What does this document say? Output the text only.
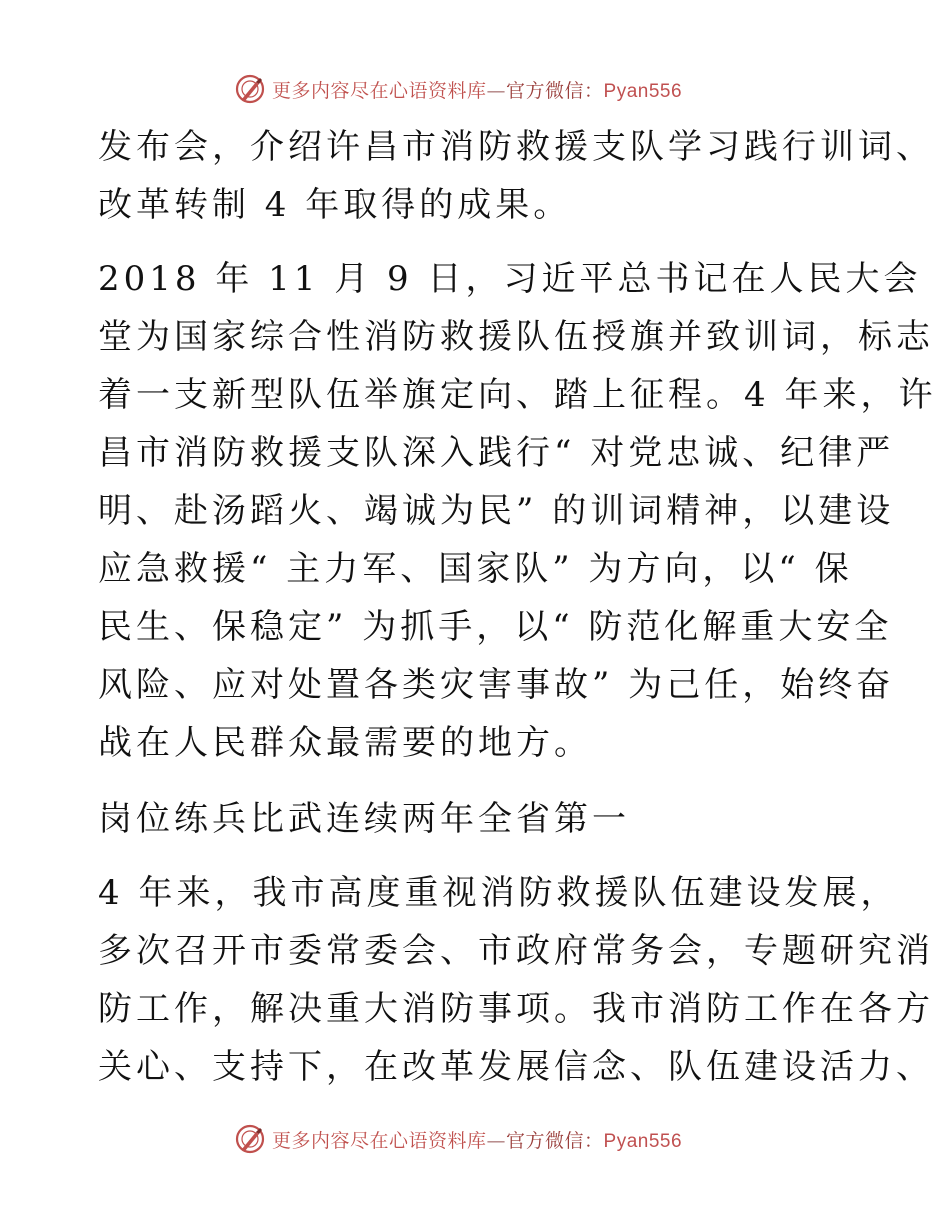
更多内容尽在心语资料库—官方微信：Pyan556
发布会，介绍许昌市消防救援支队学习践行训词、
改革转制 4 年取得的成果。
2018 年 11 月 9 日，习近平总书记在人民大会
堂为国家综合性消防救援队伍授旗并致训词，标志
着一支新型队伍举旗定向、踏上征程。4 年来，许
昌市消防救援支队深入践行“ 对党忠诚、纪律严
明、赴汤蹈火、竭诚为民” 的训词精神，以建设
应急救援“ 主力军、国家队” 为方向，以“ 保
民生、保稳定” 为抓手，以“ 防范化解重大安全
风险、应对处置各类灾害事故” 为己任，始终奋
战在人民群众最需要的地方。
岗位练兵比武连续两年全省第一
4 年来，我市高度重视消防救援队伍建设发展，
多次召开市委常委会、市政府常务会，专题研究消
防工作，解决重大消防事项。我市消防工作在各方
关心、支持下，在改革发展信念、队伍建设活力、
更多内容尽在心语资料库—官方微信：Pyan556
